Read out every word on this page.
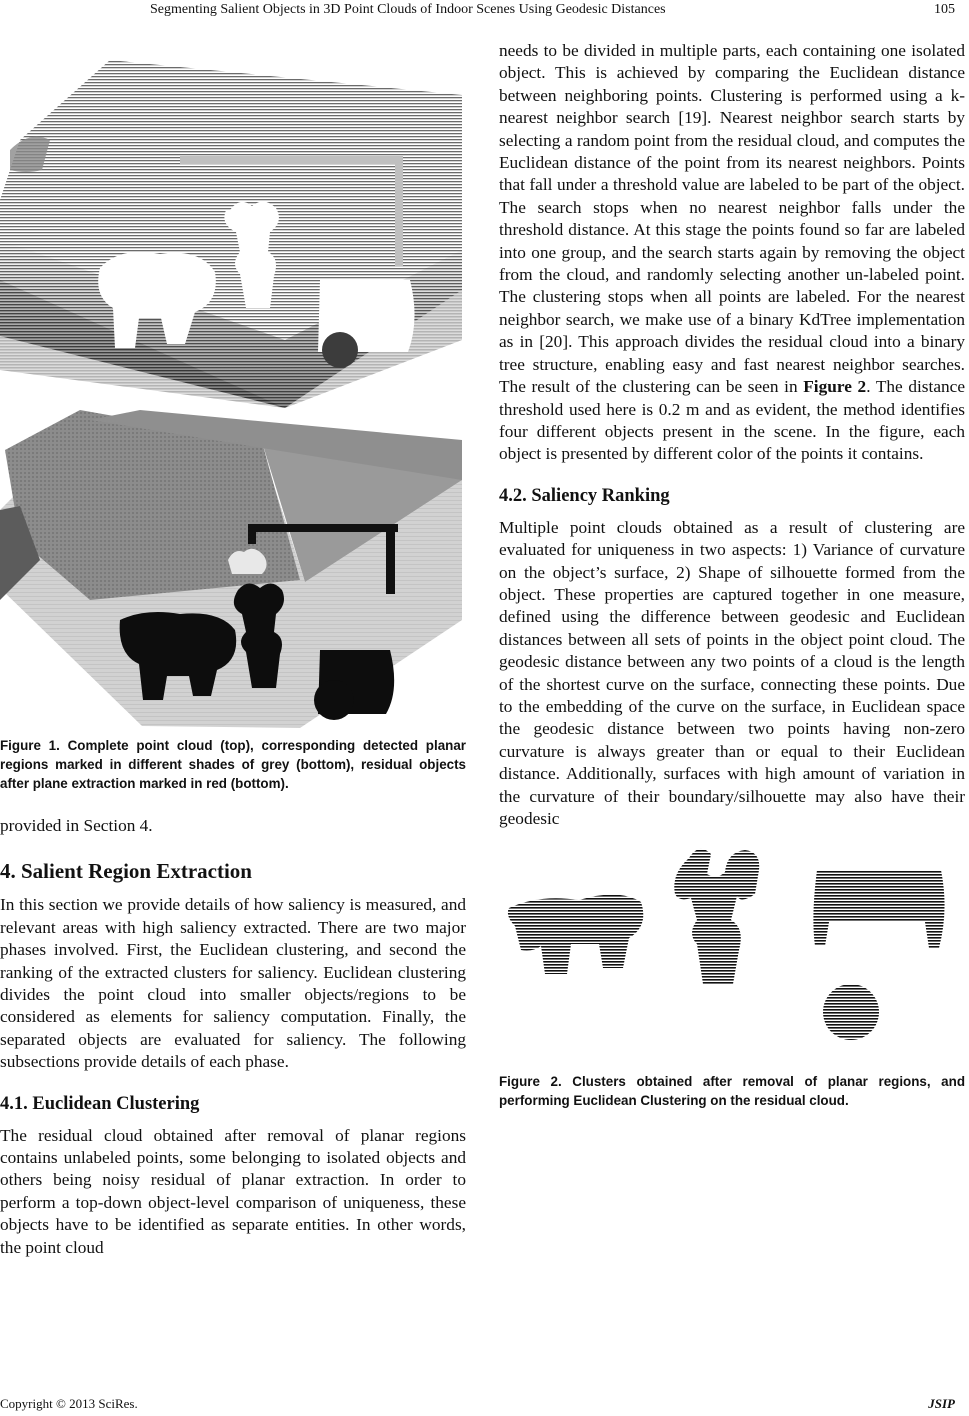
Segmenting Salient Objects in 3D Point Clouds of Indoor Scenes Using Geodesic Distances	105

Figure 1. Complete point cloud (top), corresponding detected planar regions marked in different shades of grey (bottom), residual objects after plane extraction marked in red (bottom).

provided in Section 4.

4. Salient Region Extraction

In this section we provide details of how saliency is measured, and relevant areas with high saliency extracted. There are two major phases involved. First, the Euclidean clustering, and second the ranking of the extracted clusters for saliency. Euclidean clustering divides the point cloud into smaller objects/regions to be considered as elements for saliency computation. Finally, the separated objects are evaluated for saliency. The following subsections provide details of each phase.

4.1. Euclidean Clustering

The residual cloud obtained after removal of planar regions contains unlabeled points, some belonging to isolated objects and others being noisy residual of planar extraction. In order to perform a top-down object-level comparison of uniqueness, these objects have to be identified as separate entities. In other words, the point cloud

needs to be divided in multiple parts, each containing one isolated object. This is achieved by comparing the Euclidean distance between neighboring points. Clustering is performed using a k-nearest neighbor search [19]. Nearest neighbor search starts by selecting a random point from the residual cloud, and computes the Euclidean distance of the point from its nearest neighbors. Points that fall under a threshold value are labeled to be part of the object. The search stops when no nearest neighbor falls under the threshold distance. At this stage the points found so far are labeled into one group, and the search starts again by removing the object from the cloud, and randomly selecting another un-labeled point. The clustering stops when all points are labeled. For the nearest neighbor search, we make use of a binary KdTree implementation as in [20]. This approach divides the residual cloud into a binary tree structure, enabling easy and fast nearest neighbor searches. The result of the clustering can be seen in Figure 2. The distance threshold used here is 0.2 m and as evident, the method identifies four different objects present in the scene. In the figure, each object is presented by different color of the points it contains.

4.2. Saliency Ranking

Multiple point clouds obtained as a result of clustering are evaluated for uniqueness in two aspects: 1) Variance of curvature on the object’s surface, 2) Shape of silhouette formed from the object. These properties are captured together in one measure, defined using the difference between geodesic and Euclidean distances between all sets of points in the object point cloud. The geodesic distance between any two points of a cloud is the length of the shortest curve on the surface, connecting these points. Due to the embedding of the curve on the surface, in Euclidean space the geodesic distance between two points having non-zero curvature is always greater than or equal to their Euclidean distance. Additionally, surfaces with high amount of variation in the curvature of their boundary/silhouette may also have their geodesic

Figure 2. Clusters obtained after removal of planar regions, and performing Euclidean Clustering on the residual cloud.

Copyright © 2013 SciRes.	JSIP
